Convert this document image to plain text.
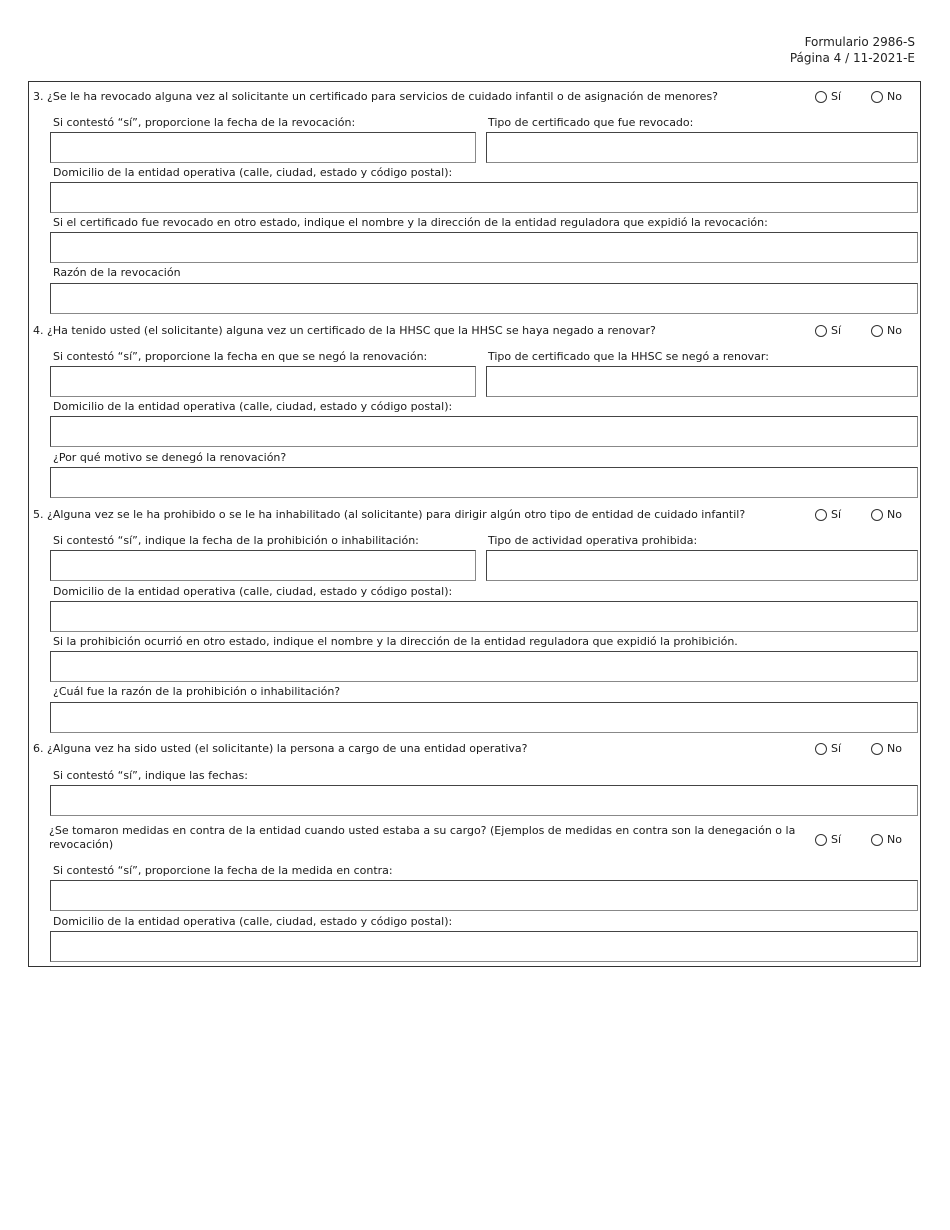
Formulario 2986-S
Página 4 / 11-2021-E
3. ¿Se le ha revocado alguna vez al solicitante un certificado para servicios de cuidado infantil o de asignación de menores?	Sí	No
Si contestó “sí”, proporcione la fecha de la revocación:	Tipo de certificado que fue revocado:
Domicilio de la entidad operativa (calle, ciudad, estado y código postal):
Si el certificado fue revocado en otro estado, indique el nombre y la dirección de la entidad reguladora que expidió la revocación:
Razón de la revocación
4. ¿Ha tenido usted (el solicitante) alguna vez un certificado de la HHSC que la HHSC se haya negado a renovar?	Sí	No
Si contestó “sí”, proporcione la fecha en que se negó la renovación:	Tipo de certificado que la HHSC se negó a renovar:
Domicilio de la entidad operativa (calle, ciudad, estado y código postal):
¿Por qué motivo se denegó la renovación?
5. ¿Alguna vez se le ha prohibido o se le ha inhabilitado (al solicitante) para dirigir algún otro tipo de entidad de cuidado infantil?	Sí	No
Si contestó “sí”, indique la fecha de la prohibición o inhabilitación:	Tipo de actividad operativa prohibida:
Domicilio de la entidad operativa (calle, ciudad, estado y código postal):
Si la prohibición ocurrió en otro estado, indique el nombre y la dirección de la entidad reguladora que expidió la prohibición.
¿Cuál fue la razón de la prohibición o inhabilitación?
6. ¿Alguna vez ha sido usted (el solicitante) la persona a cargo de una entidad operativa?	Sí	No
Si contestó “sí”, indique las fechas:
¿Se tomaron medidas en contra de la entidad cuando usted estaba a su cargo? (Ejemplos de medidas en contra son la denegación o la revocación)	Sí	No
Si contestó “sí”, proporcione la fecha de la medida en contra:
Domicilio de la entidad operativa (calle, ciudad, estado y código postal):
